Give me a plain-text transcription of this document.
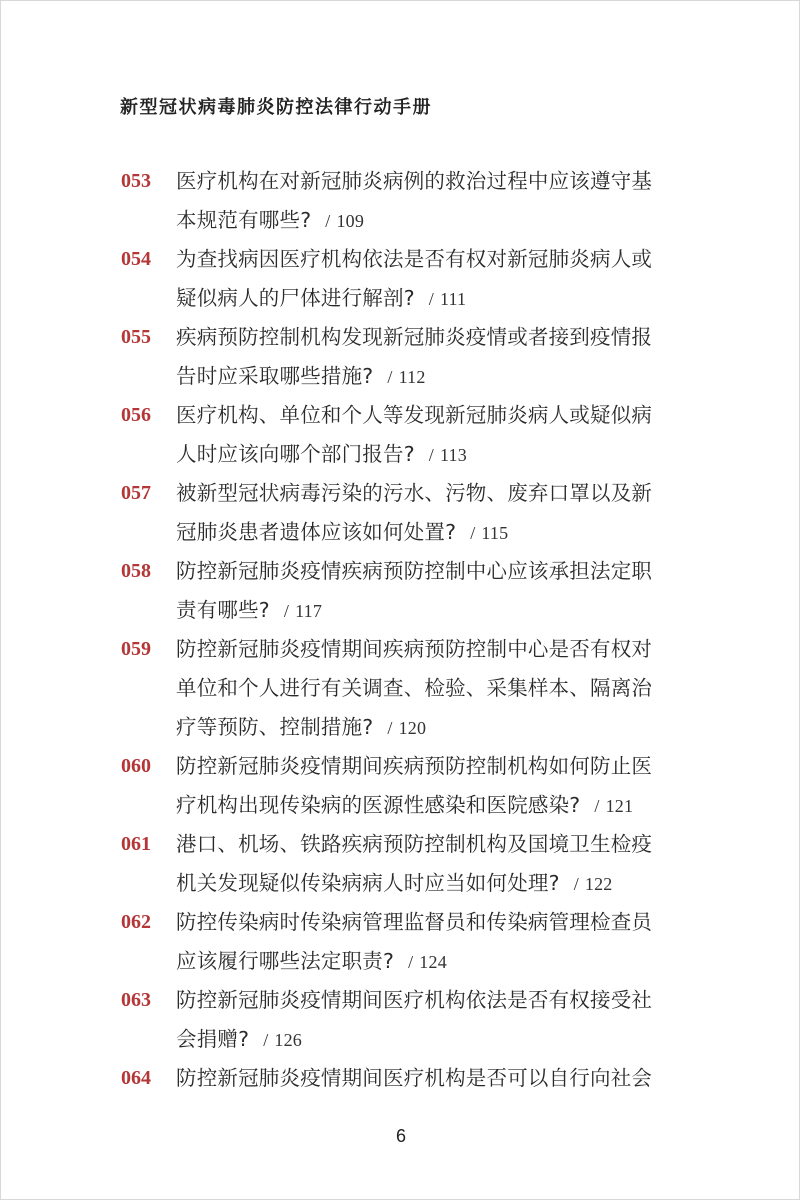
新型冠状病毒肺炎防控法律行动手册
053 医疗机构在对新冠肺炎病例的救治过程中应该遵守基
本规范有哪些? / 109
054 为查找病因医疗机构依法是否有权对新冠肺炎病人或
疑似病人的尸体进行解剖? / 111
055 疾病预防控制机构发现新冠肺炎疫情或者接到疫情报
告时应采取哪些措施? / 112
056 医疗机构、单位和个人等发现新冠肺炎病人或疑似病
人时应该向哪个部门报告? / 113
057 被新型冠状病毒污染的污水、污物、废弃口罩以及新
冠肺炎患者遗体应该如何处置? / 115
058 防控新冠肺炎疫情疾病预防控制中心应该承担法定职
责有哪些? / 117
059 防控新冠肺炎疫情期间疾病预防控制中心是否有权对
单位和个人进行有关调查、检验、采集样本、隔离治
疗等预防、控制措施? / 120
060 防控新冠肺炎疫情期间疾病预防控制机构如何防止医
疗机构出现传染病的医源性感染和医院感染? / 121
061 港口、机场、铁路疾病预防控制机构及国境卫生检疫
机关发现疑似传染病病人时应当如何处理? / 122
062 防控传染病时传染病管理监督员和传染病管理检查员
应该履行哪些法定职责? / 124
063 防控新冠肺炎疫情期间医疗机构依法是否有权接受社
会捐赠? / 126
064 防控新冠肺炎疫情期间医疗机构是否可以自行向社会
6
